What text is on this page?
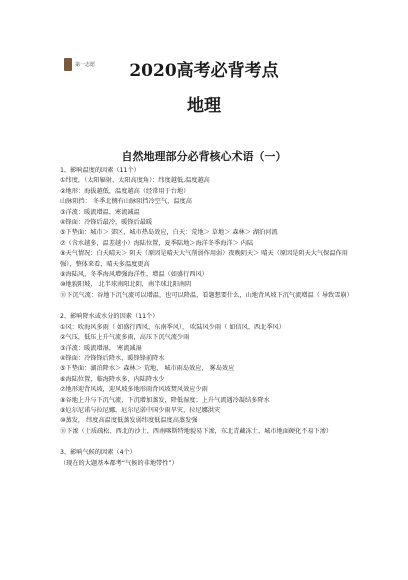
第一志愿	2020高考必背考点
地理
自然地理部分必背核心术语（一）
1、影响温度的因素（11个）
①纬度，（太阳辐射、太阳高度角）：纬度越低,温度越高
②地形：海拔越低，温度越高（经常用于台地）
山脉阻挡： 冬季北侧有山脉阻挡冷空气，温度高
③洋流：暖流增温，寒流减温
④锋面：冷锋后最冷，暖锋后最暖
⑤下垫面：城市＞ 郊区，城市热岛效应，白天：荒地＞ 草地＞ 森林＞ 湖泊河流
⑦（含水越多，温差越小）海陆位置，夏季陆地＞海洋冬季海洋＞ 内陆
⑧天气情况：白天晴天＞ 阴天（原因是晴天大气削弱作用弱）夜晚阴天＞ 晴天（原因是阴天大气保温作用强），整体来看，晴天多温度更高
⑨海陆风，冬季海风增强海洋性，增温（如盛行西风）
⑩地貌阳坡， 北半球南阳北阴，南半球北阳南阴
⑪下沉气流：谷地下沉气流可以增温，也可以降温，看题想要什么，山地背风坡下沉气流增温（ 导致雪崩）
2、影响降水或水分的因素（11个）
①风：吹海风多雨（ 如盛行西风、东南季风）， 吹陆风少雨（ 如信风、西北季风）
②气压，低压上升气流多雨，高压下沉气流少雨
③洋流：暖流增湿， 寒流减湿
④锋面：冷锋锋后降水，暖锋锋前降水
⑤下垫面：湖泊降水＞ 森林＞ 荒地， 城市雨岛效应， 雾岛效应
⑥海陆位置，临海降水多，内陆降水少
⑦地形迎背风坡，迎风坡多地形雨背风坡焚风效应少雨
⑧谷地上升与下沉气流，下沉增加蒸发，降低湿度；上升气流遇冷凝结多降水
⑨厄尔尼诺与拉尼娜，厄尔尼诺中国少雨旱灾，拉尼娜洪灾
⑩蒸发， 纬度高温度低蒸发弱纬度低温度高蒸发强
⑪下渗（土质疏松、西北的沙土、西南喀斯特地貌易下渗，东北青藏冻土、城市地面硬化不易下渗）
3、影响气候的因素（4个）
（现在的大题基本都考“气候的非地带性”）
